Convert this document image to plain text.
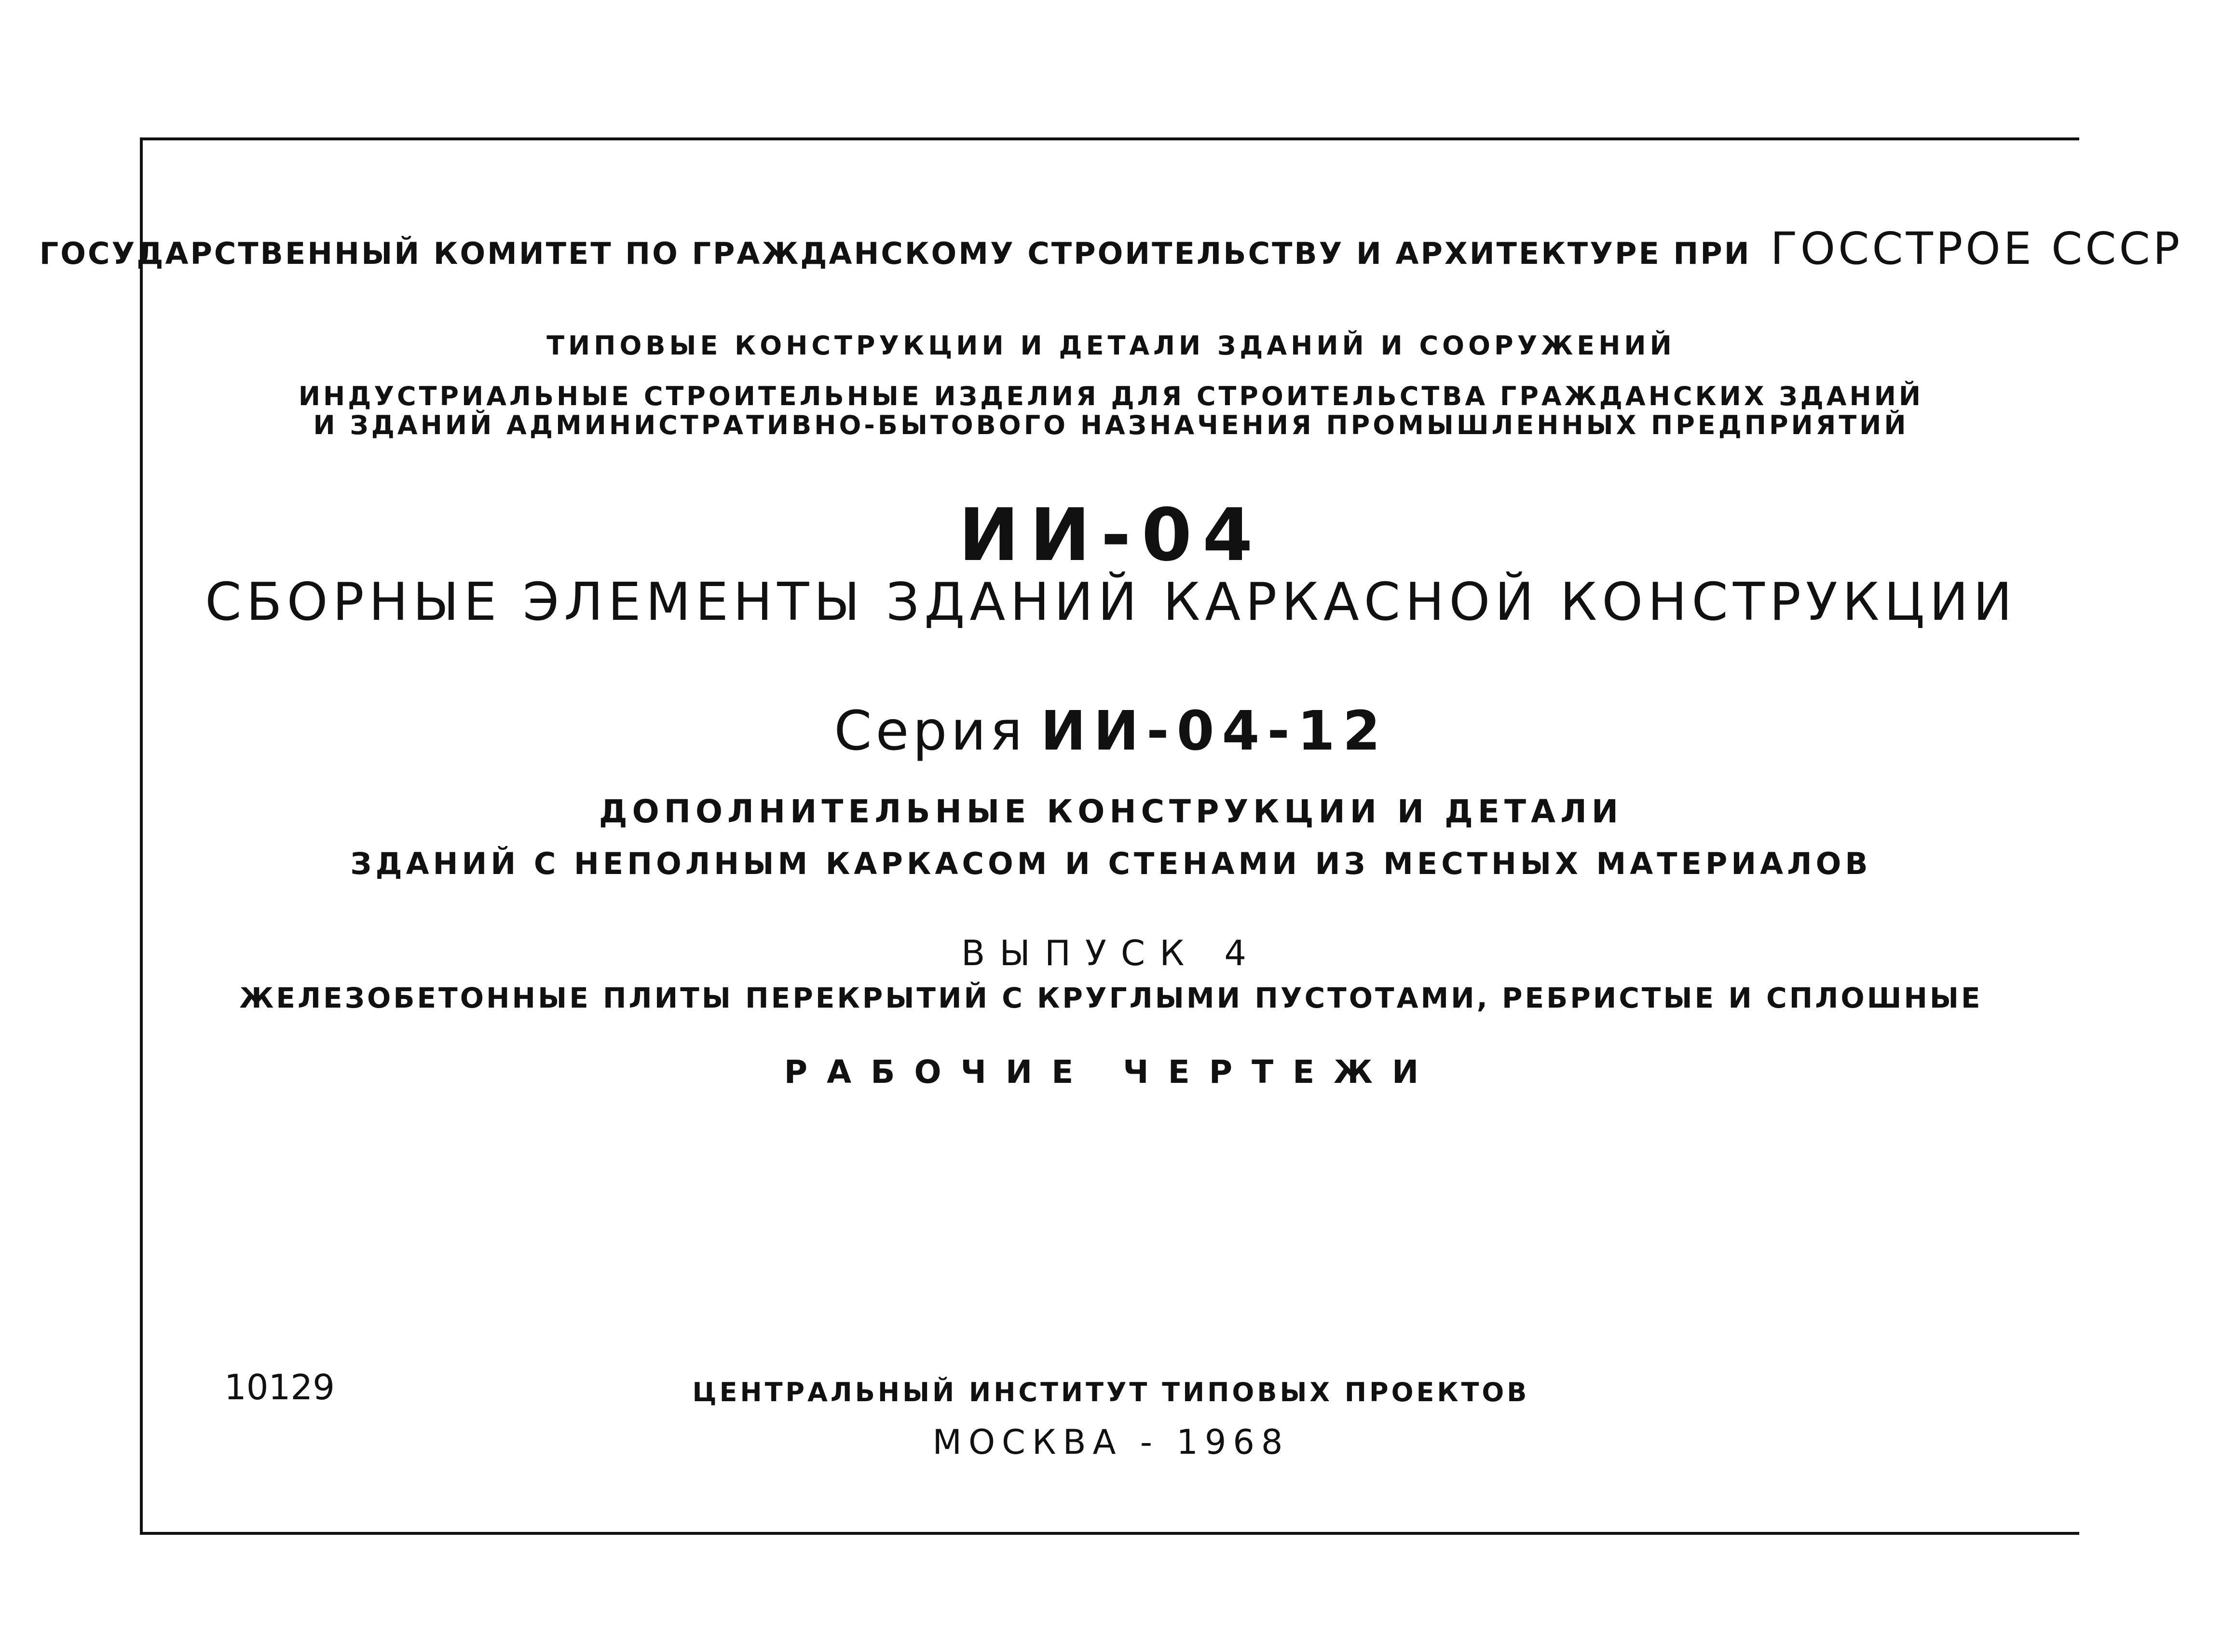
ГОСУДАРСТВЕННЫЙ КОМИТЕТ ПО ГРАЖДАНСКОМУ СТРОИТЕЛЬСТВУ И АРХИТЕКТУРЕ ПРИ ГОССТРОЕ СССР
ТИПОВЫЕ КОНСТРУКЦИИ И ДЕТАЛИ ЗДАНИЙ И СООРУЖЕНИЙ
ИНДУСТРИАЛЬНЫЕ СТРОИТЕЛЬНЫЕ ИЗДЕЛИЯ ДЛЯ СТРОИТЕЛЬСТВА ГРАЖДАНСКИХ ЗДАНИЙ
И ЗДАНИЙ АДМИНИСТРАТИВНО-БЫТОВОГО НАЗНАЧЕНИЯ ПРОМЫШЛЕННЫХ ПРЕДПРИЯТИЙ
ИИ-04
СБОРНЫЕ ЭЛЕМЕНТЫ ЗДАНИЙ КАРКАСНОЙ КОНСТРУКЦИИ
Серия ИИ-04-12
ДОПОЛНИТЕЛЬНЫЕ КОНСТРУКЦИИ И ДЕТАЛИ
ЗДАНИЙ С НЕПОЛНЫМ КАРКАСОМ И СТЕНАМИ ИЗ МЕСТНЫХ МАТЕРИАЛОВ
ВЫПУСК 4
ЖЕЛЕЗОБЕТОННЫЕ ПЛИТЫ ПЕРЕКРЫТИЙ С КРУГЛЫМИ ПУСТОТАМИ, РЕБРИСТЫЕ И СПЛОШНЫЕ
РАБОЧИЕ ЧЕРТЕЖИ
10129	ЦЕНТРАЛЬНЫЙ ИНСТИТУТ ТИПОВЫХ ПРОЕКТОВ
МОСКВА - 1968
